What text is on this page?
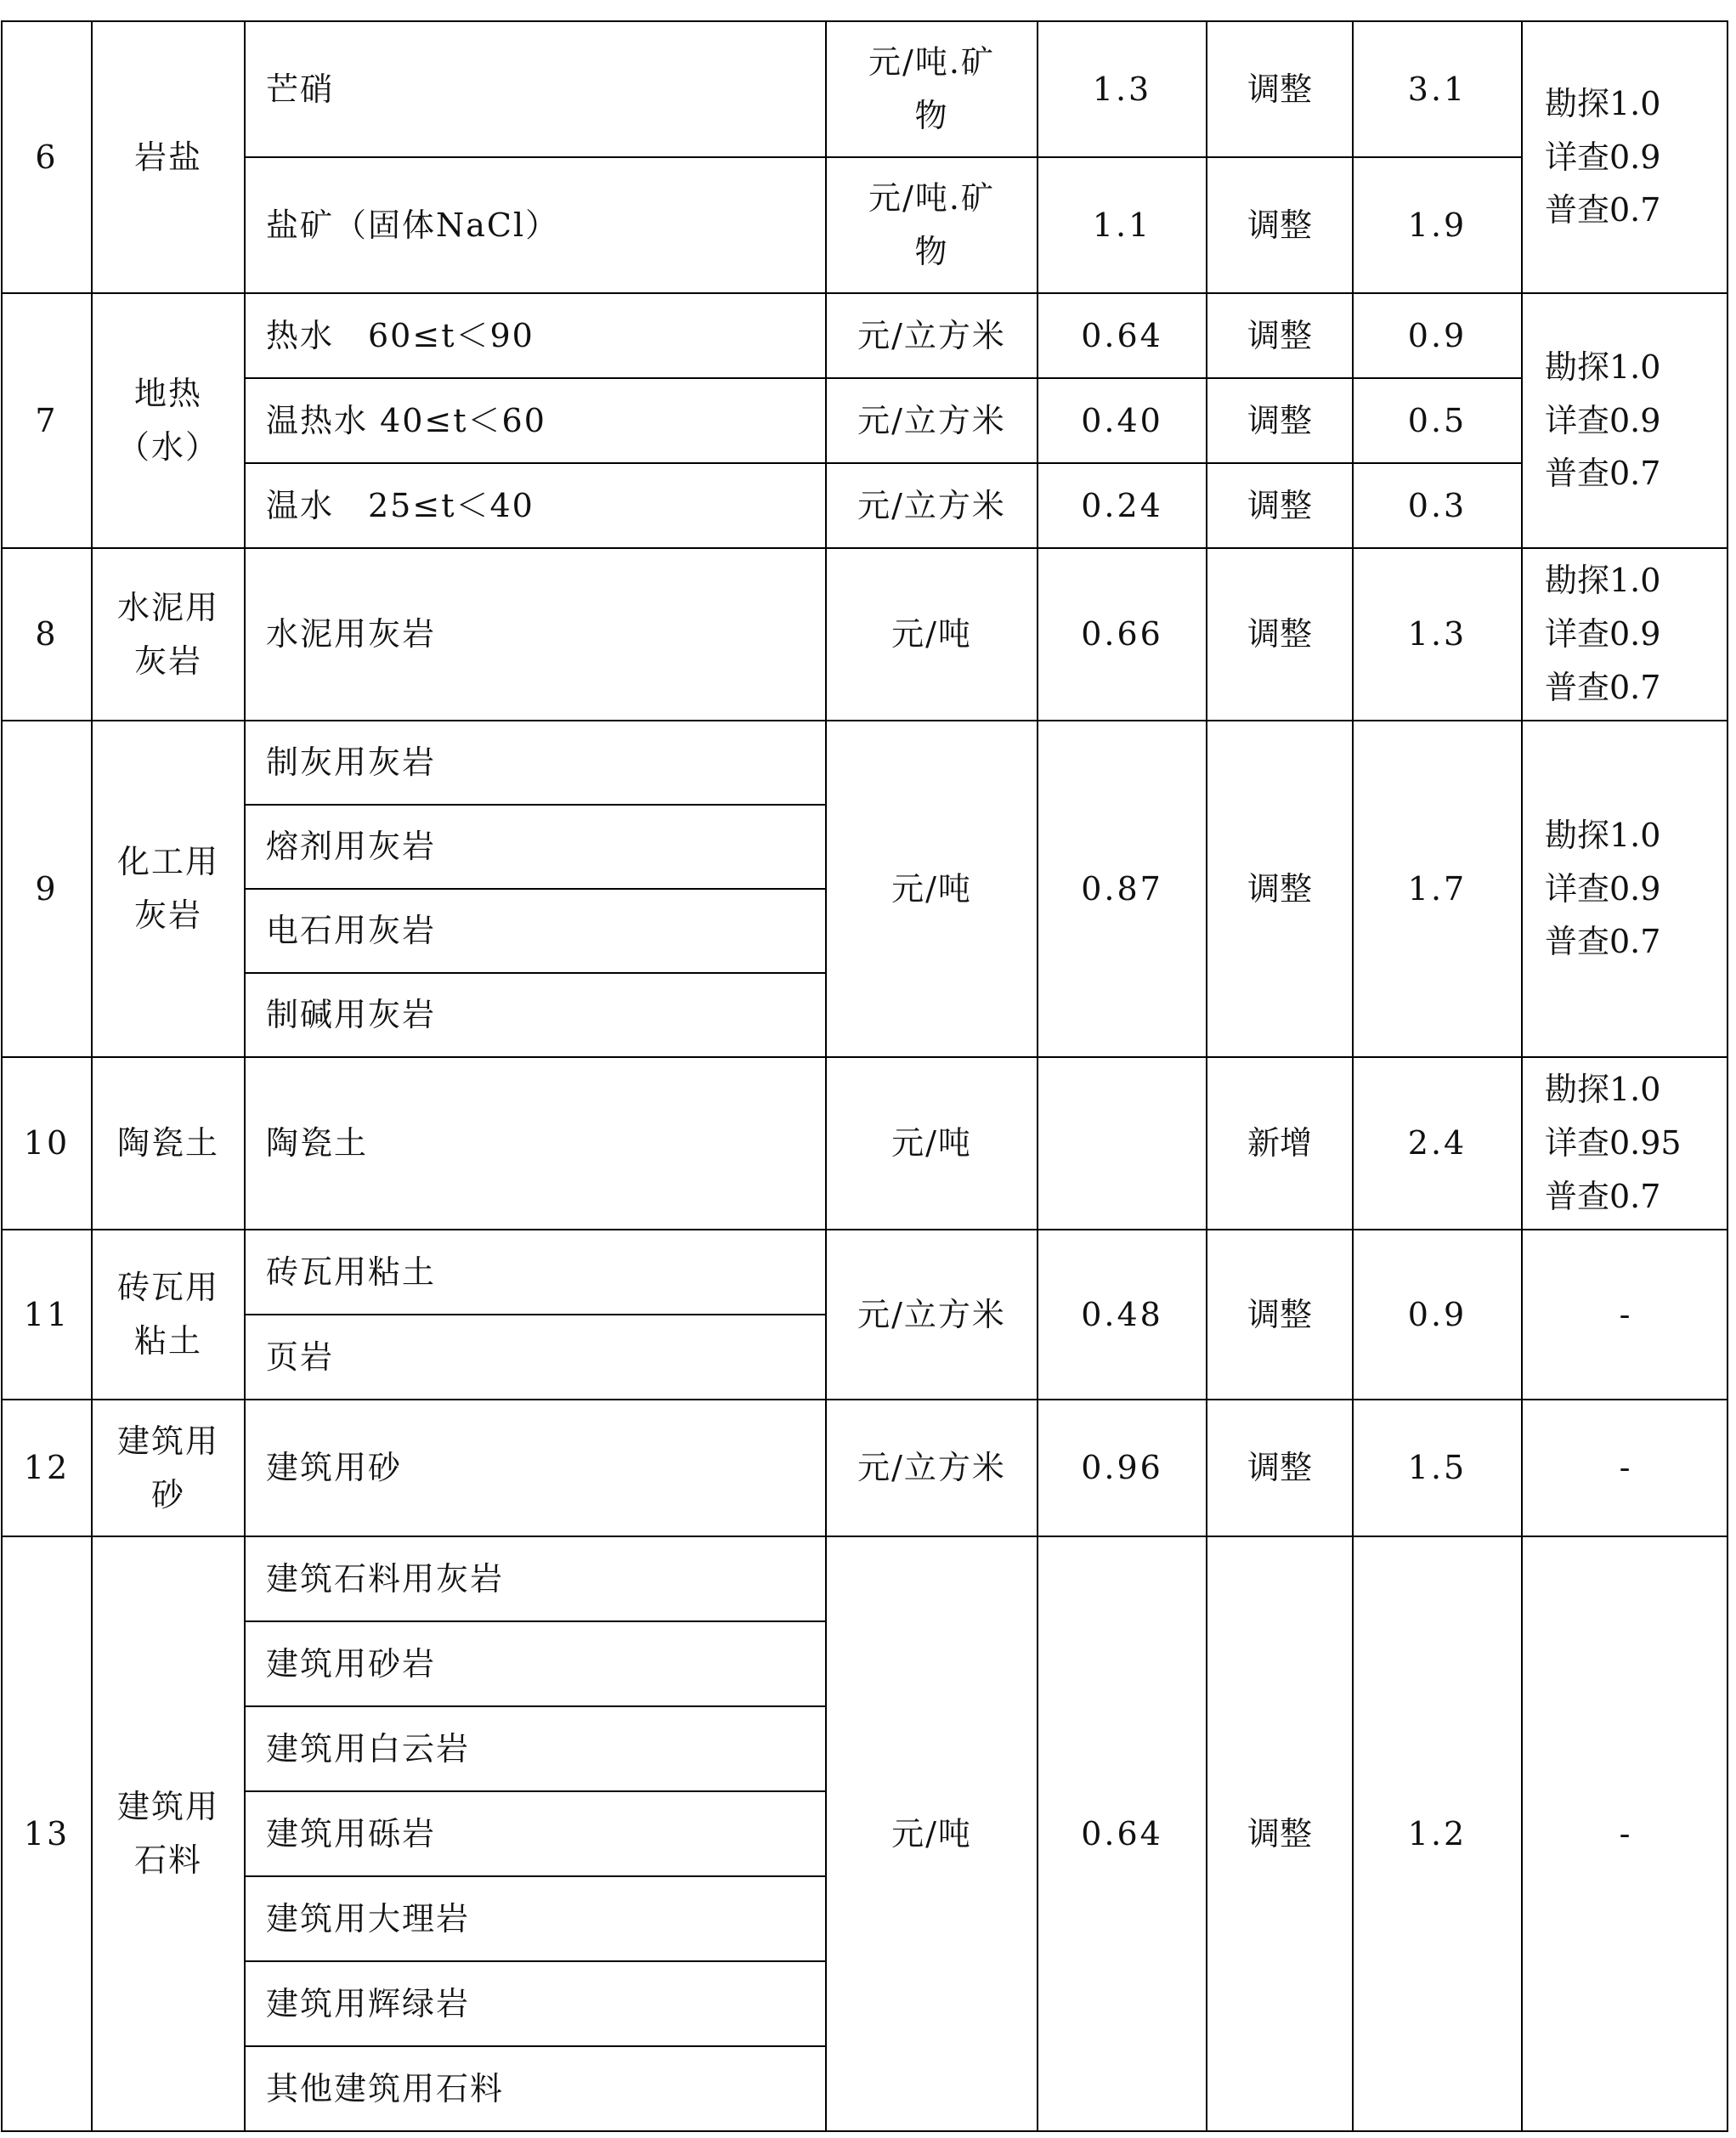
6	岩盐	芒硝	元/吨.矿物	1.3	调整	3.1	勘探1.0
详查0.9
普查0.7

		盐矿（固体NaCl）	元/吨.矿物	1.1	调整	1.9	
7	地热（水）	热水　60≤t＜90	元/立方米	0.64	调整	0.9	勘探1.0
详查0.9
普查0.7

		温热水 40≤t＜60	元/立方米	0.40	调整	0.5	
		温水　25≤t＜40	元/立方米	0.24	调整	0.3	
8	水泥用灰岩	水泥用灰岩	元/吨	0.66	调整	1.3	勘探1.0
详查0.9
普查0.7

9	化工用灰岩	制灰用灰岩	元/吨	0.87	调整	1.7	勘探1.0
详查0.9
普查0.7

		熔剂用灰岩					
		电石用灰岩					
		制碱用灰岩					
10	陶瓷土	陶瓷土	元/吨		新增	2.4	勘探1.0
详查0.95
普查0.7

11	砖瓦用粘土	砖瓦用粘土	元/立方米	0.48	调整	0.9	-
		页岩					
12	建筑用砂	建筑用砂	元/立方米	0.96	调整	1.5	-
13	建筑用石料	建筑石料用灰岩	元/吨	0.64	调整	1.2	-
		建筑用砂岩					
		建筑用白云岩					
		建筑用砾岩					
		建筑用大理岩					
		建筑用辉绿岩					
		其他建筑用石料					
